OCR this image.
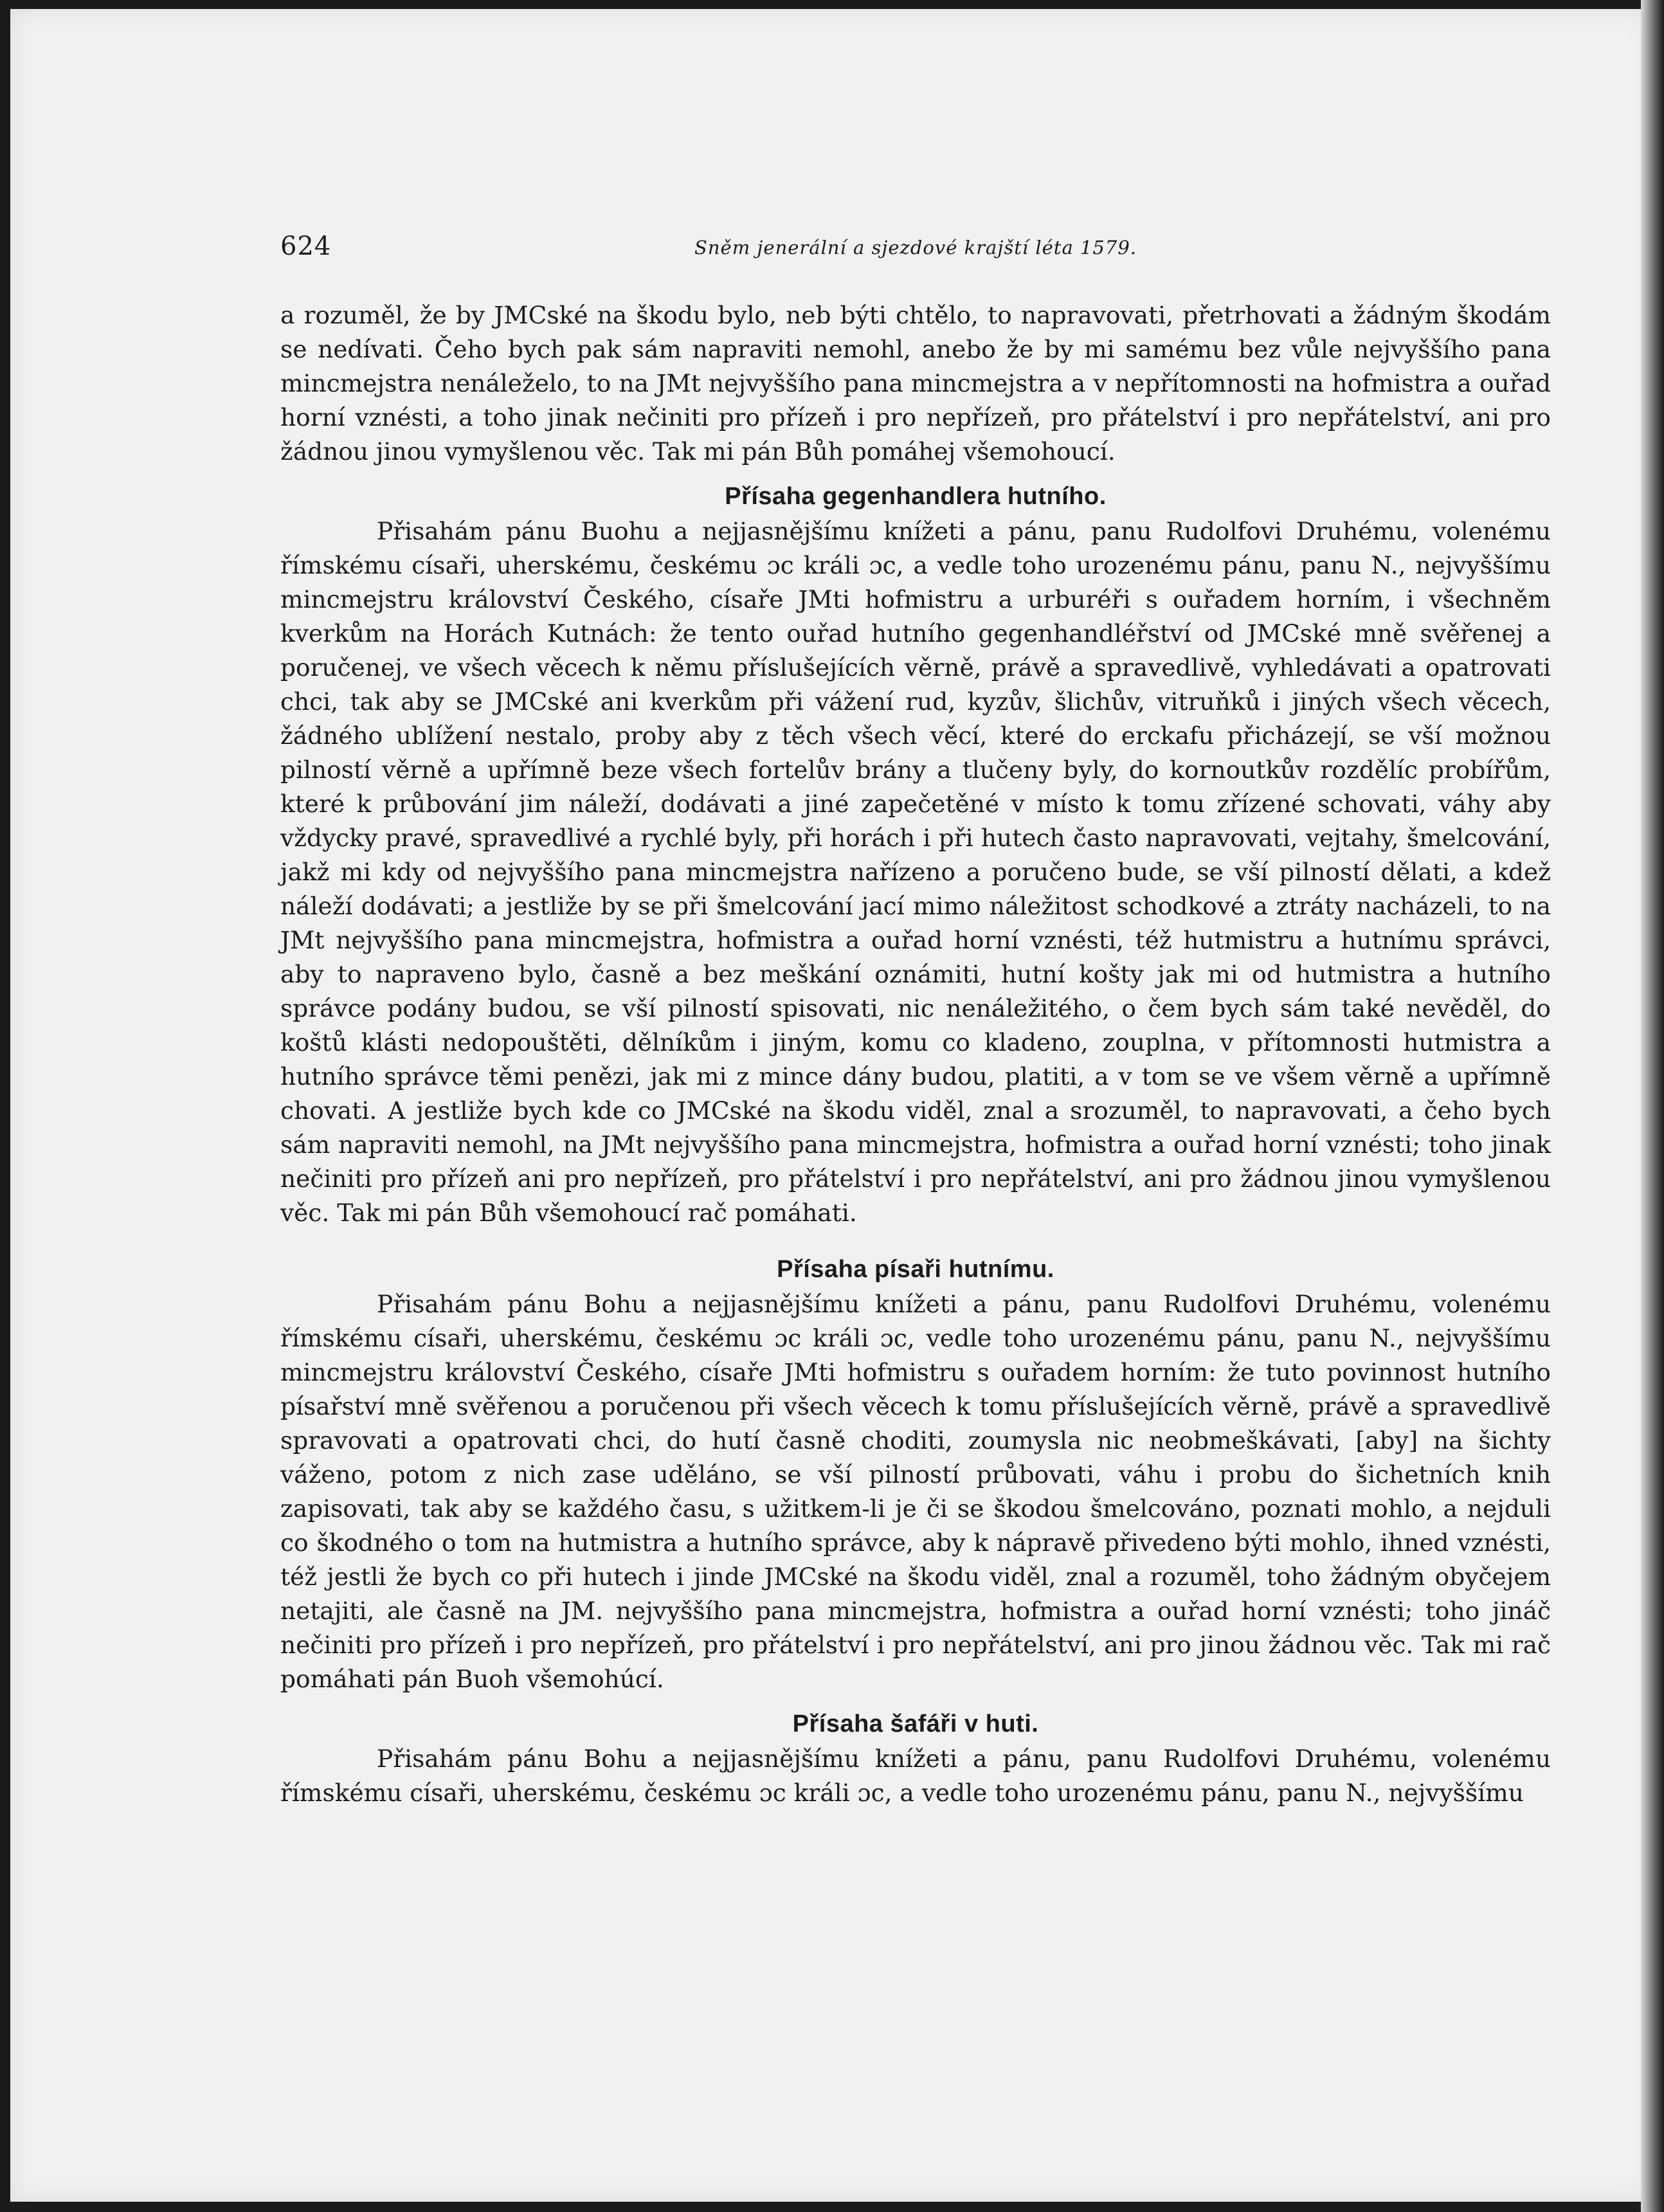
624	Sněm jenerální a sjezdové krajští léta 1579.

a rozuměl, že by JMCské na škodu bylo, neb býti chtělo, to napravovati, přetrhovati a žádným škodám se nedívati. Čeho bych pak sám napraviti nemohl, anebo že by mi samému bez vůle nejvyššího pana mincmejstra nenáleželo, to na JMt nejvyššího pana mincmejstra a v nepřítomnosti na hofmistra a ouřad horní vznésti, a toho jinak nečiniti pro přízeň i pro nepřízeň, pro přátelství i pro nepřátelství, ani pro žádnou jinou vymyšlenou věc. Tak mi pán Bůh pomáhej všemohoucí.

Přísaha gegenhandlera hutního.

Přisahám pánu Buohu a nejjasnějšímu knížeti a pánu, panu Rudolfovi Druhému, volenému římskému císaři, uherskému, českému ɔc králi ɔc, a vedle toho urozenému pánu, panu N., nejvyššímu mincmejstru království Českého, císaře JMti hofmistru a urburéři s ouřadem horním, i všechněm kverkům na Horách Kutnách: že tento ouřad hutního gegenhandléřství od JMCské mně svěřenej a poručenej, ve všech věcech k němu příslušejících věrně, právě a spravedlivě, vyhledávati a opatrovati chci, tak aby se JMCské ani kverkům při vážení rud, kyzův, šlichův, vitruňků i jiných všech věcech, žádného ublížení nestalo, proby aby z těch všech věcí, které do erckafu přicházejí, se vší možnou pilností věrně a upřímně beze všech fortelův brány a tlučeny byly, do kornoutkův rozdělíc probířům, které k průbování jim náleží, dodávati a jiné zapečetěné v místo k tomu zřízené schovati, váhy aby vždycky pravé, spravedlivé a rychlé byly, při horách i při hutech často napravovati, vejtahy, šmelcování, jakž mi kdy od nejvyššího pana mincmejstra nařízeno a poručeno bude, se vší pilností dělati, a kdež náleží dodávati; a jestliže by se při šmelcování jací mimo náležitost schodkové a ztráty nacházeli, to na JMt nejvyššího pana mincmejstra, hofmistra a ouřad horní vznésti, též hutmistru a hutnímu správci, aby to napraveno bylo, časně a bez meškání oznámiti, hutní košty jak mi od hutmistra a hutního správce podány budou, se vší pilností spisovati, nic nenáležitého, o čem bych sám také nevěděl, do koštů klásti nedopouštěti, dělníkům i jiným, komu co kladeno, zouplna, v přítomnosti hutmistra a hutního správce těmi penězi, jak mi z mince dány budou, platiti, a v tom se ve všem věrně a upřímně chovati. A jestliže bych kde co JMCské na škodu viděl, znal a srozuměl, to napravovati, a čeho bych sám napraviti nemohl, na JMt nejvyššího pana mincmejstra, hofmistra a ouřad horní vznésti; toho jinak nečiniti pro přízeň ani pro nepřízeň, pro přátelství i pro nepřátelství, ani pro žádnou jinou vymyšlenou věc. Tak mi pán Bůh všemohoucí rač pomáhati.

Přísaha písaři hutnímu.

Přisahám pánu Bohu a nejjasnějšímu knížeti a pánu, panu Rudolfovi Druhému, volenému římskému císaři, uherskému, českému ɔc králi ɔc, vedle toho urozenému pánu, panu N., nejvyššímu mincmejstru království Českého, císaře JMti hofmistru s ouřadem horním: že tuto povinnost hutního písařství mně svěřenou a poručenou při všech věcech k tomu příslušejících věrně, právě a spravedlivě spravovati a opatrovati chci, do hutí časně choditi, zoumysla nic neobmeškávati, [aby] na šichty váženo, potom z nich zase uděláno, se vší pilností průbovati, váhu i probu do šichetních knih zapisovati, tak aby se každého času, s užitkem-li je či se škodou šmelcováno, poznati mohlo, a nejduli co škodného o tom na hutmistra a hutního správce, aby k nápravě přivedeno býti mohlo, ihned vznésti, též jestli že bych co při hutech i jinde JMCské na škodu viděl, znal a rozuměl, toho žádným obyčejem netajiti, ale časně na JM. nejvyššího pana mincmejstra, hofmistra a ouřad horní vznésti; toho jináč nečiniti pro přízeň i pro nepřízeň, pro přátelství i pro nepřátelství, ani pro jinou žádnou věc. Tak mi rač pomáhati pán Buoh všemohúcí.

Přísaha šafáři v huti.

Přisahám pánu Bohu a nejjasnějšímu knížeti a pánu, panu Rudolfovi Druhému, volenému římskému císaři, uherskému, českému ɔc králi ɔc, a vedle toho urozenému pánu, panu N., nejvyššímu
